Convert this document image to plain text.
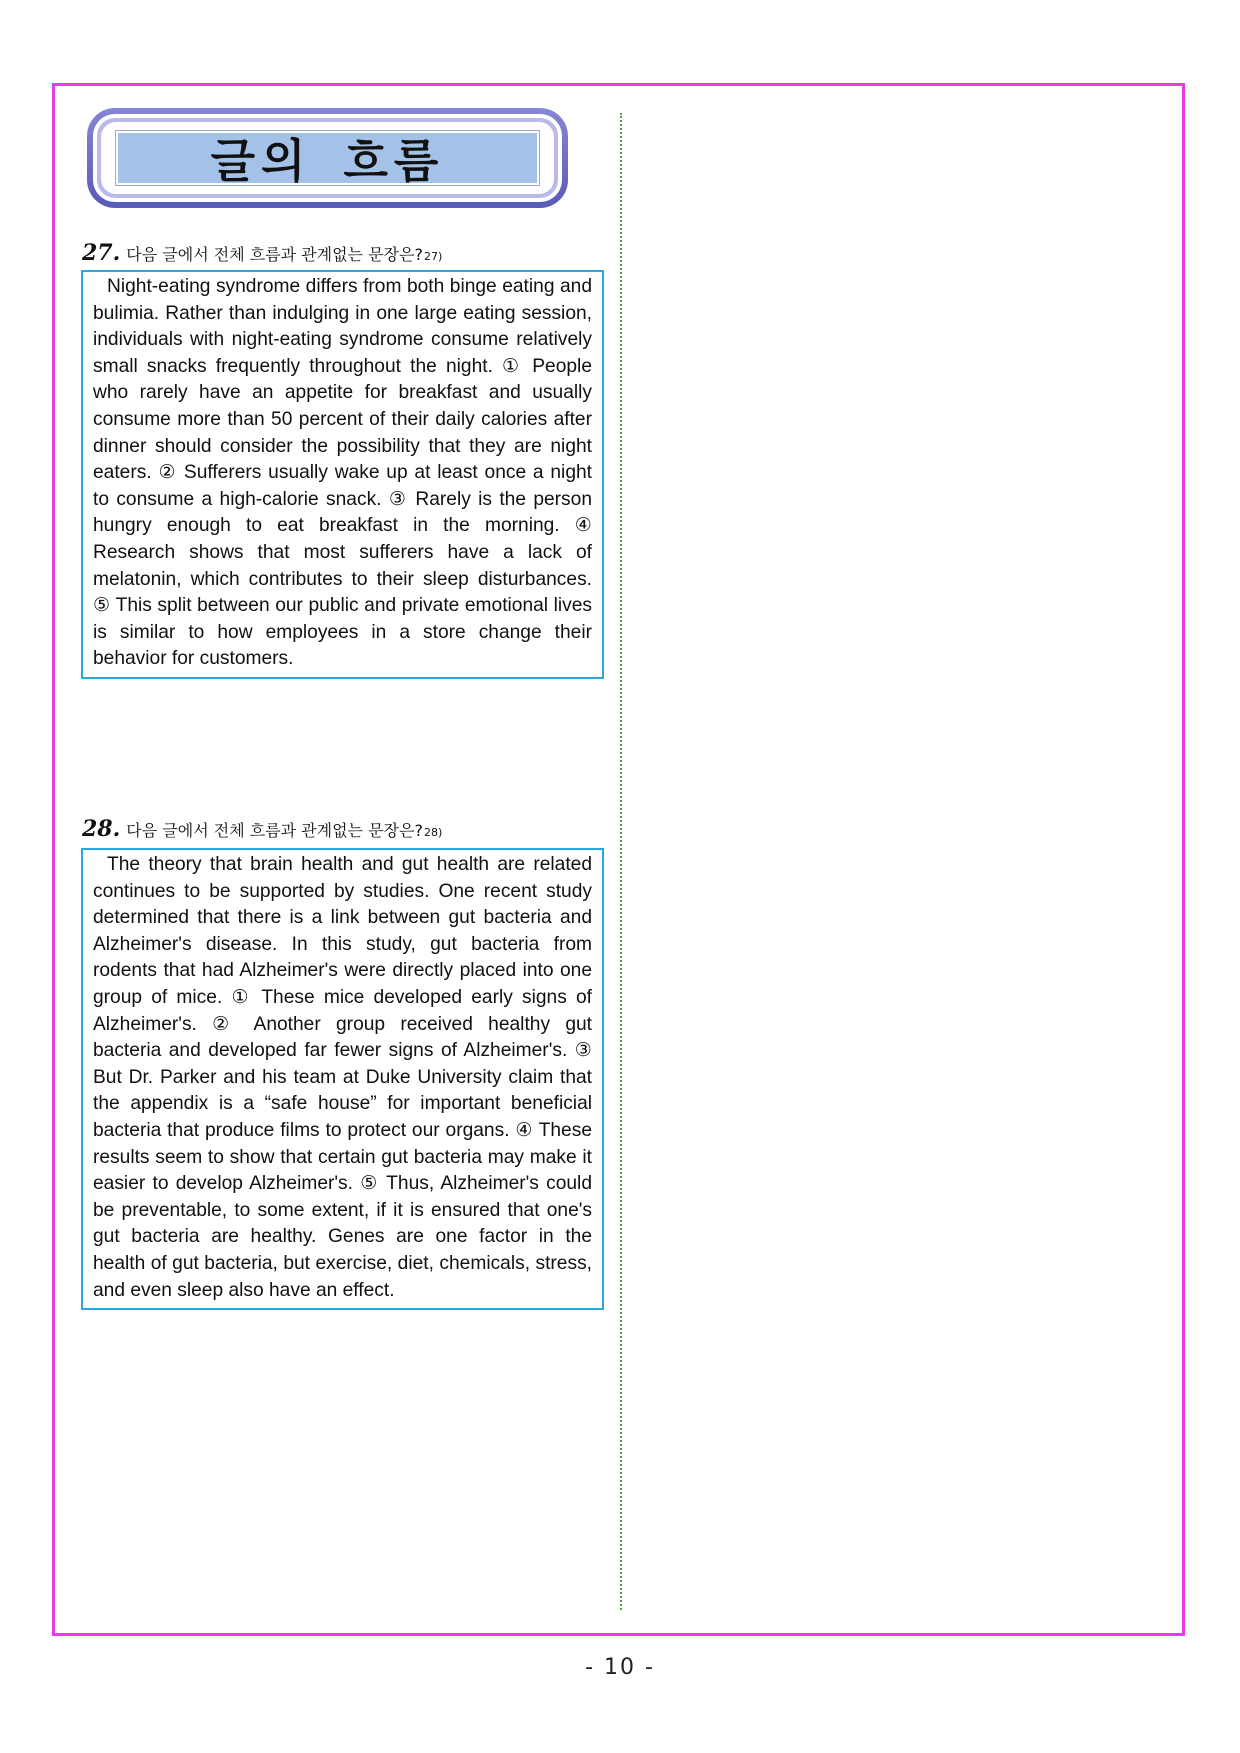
글의 흐름
27. 다음 글에서 전체 흐름과 관계없는 문장은? 27)

Night-eating syndrome differs from both binge eating and bulimia. Rather than indulging in one large eating session, individuals with night-eating syndrome consume relatively small snacks frequently throughout the night. ① People who rarely have an appetite for breakfast and usually consume more than 50 percent of their daily calories after dinner should consider the possibility that they are night eaters. ② Sufferers usually wake up at least once a night to consume a high-calorie snack. ③ Rarely is the person hungry enough to eat breakfast in the morning. ④ Research shows that most sufferers have a lack of melatonin, which contributes to their sleep disturbances. ⑤ This split between our public and private emotional lives is similar to how employees in a store change their behavior for customers.

28. 다음 글에서 전체 흐름과 관계없는 문장은? 28)

The theory that brain health and gut health are related continues to be supported by studies. One recent study determined that there is a link between gut bacteria and Alzheimer's disease. In this study, gut bacteria from rodents that had Alzheimer's were directly placed into one group of mice. ① These mice developed early signs of Alzheimer's. ② Another group received healthy gut bacteria and developed far fewer signs of Alzheimer's. ③ But Dr. Parker and his team at Duke University claim that the appendix is a “safe house” for important beneficial bacteria that produce films to protect our organs. ④ These results seem to show that certain gut bacteria may make it easier to develop Alzheimer's. ⑤ Thus, Alzheimer's could be preventable, to some extent, if it is ensured that one's gut bacteria are healthy. Genes are one factor in the health of gut bacteria, but exercise, diet, chemicals, stress, and even sleep also have an effect.

- 10 -
